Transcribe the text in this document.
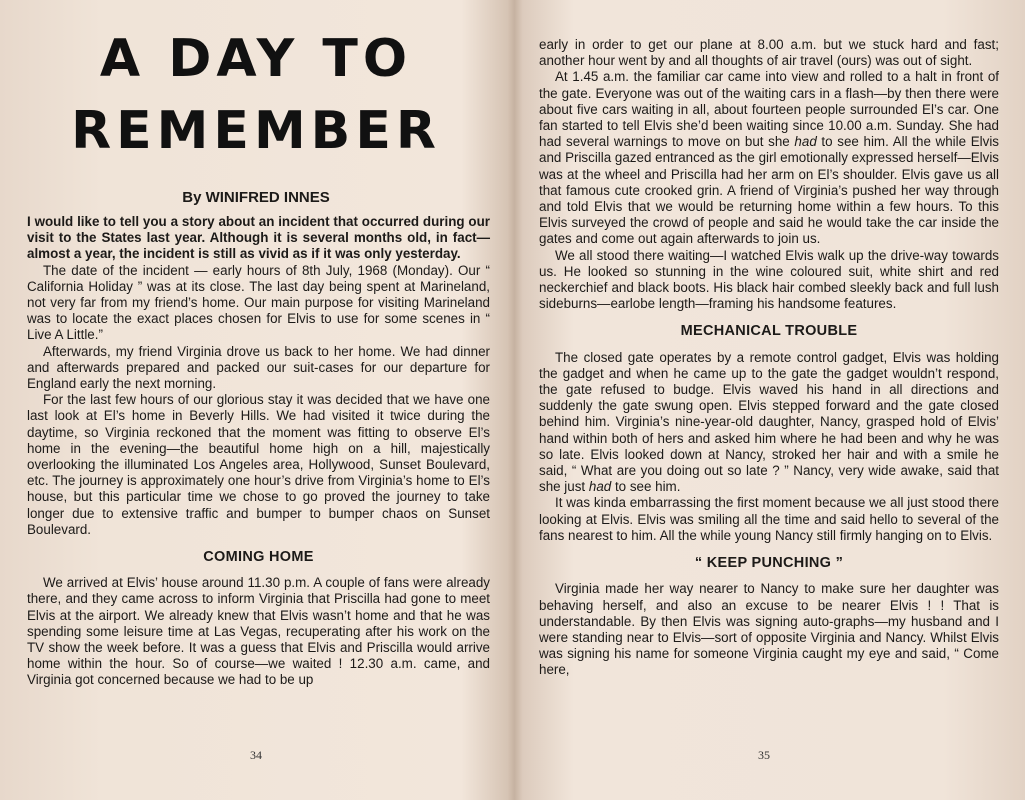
A DAY TO
REMEMBER

By WINIFRED INNES

I would like to tell you a story about an incident that occurred during our visit to the States last year. Although it is several months old, in fact—almost a year, the incident is still as vivid as if it was only yesterday.

The date of the incident — early hours of 8th July, 1968 (Monday). Our “ California Holiday ” was at its close. The last day being spent at Marineland, not very far from my friend’s home. Our main purpose for visiting Marineland was to locate the exact places chosen for Elvis to use for some scenes in “ Live A Little.”

Afterwards, my friend Virginia drove us back to her home. We had dinner and afterwards prepared and packed our suit-cases for our departure for England early the next morning.

For the last few hours of our glorious stay it was decided that we have one last look at El’s home in Beverly Hills. We had visited it twice during the daytime, so Virginia reckoned that the moment was fitting to observe El’s home in the evening—the beautiful home high on a hill, majestically overlooking the illuminated Los Angeles area, Hollywood, Sunset Boulevard, etc. The journey is approximately one hour’s drive from Virginia’s home to El’s house, but this particular time we chose to go proved the journey to take longer due to extensive traffic and bumper to bumper chaos on Sunset Boulevard.

COMING HOME

We arrived at Elvis’ house around 11.30 p.m. A couple of fans were already there, and they came across to inform Virginia that Priscilla had gone to meet Elvis at the airport. We already knew that Elvis wasn’t home and that he was spending some leisure time at Las Vegas, recuperating after his work on the TV show the week before. It was a guess that Elvis and Priscilla would arrive home within the hour. So of course—we waited ! 12.30 a.m. came, and Virginia got concerned because we had to be up

34

early in order to get our plane at 8.00 a.m. but we stuck hard and fast; another hour went by and all thoughts of air travel (ours) was out of sight.

At 1.45 a.m. the familiar car came into view and rolled to a halt in front of the gate. Everyone was out of the waiting cars in a flash—by then there were about five cars waiting in all, about fourteen people surrounded El’s car. One fan started to tell Elvis she’d been waiting since 10.00 a.m. Sunday. She had had several warnings to move on but she had to see him. All the while Elvis and Priscilla gazed entranced as the girl emotionally expressed herself—Elvis was at the wheel and Priscilla had her arm on El’s shoulder. Elvis gave us all that famous cute crooked grin. A friend of Virginia’s pushed her way through and told Elvis that we would be returning home within a few hours. To this Elvis surveyed the crowd of people and said he would take the car inside the gates and come out again afterwards to join us.

We all stood there waiting—I watched Elvis walk up the drive-way towards us. He looked so stunning in the wine coloured suit, white shirt and red neckerchief and black boots. His black hair combed sleekly back and full lush sideburns—earlobe length—framing his handsome features.

MECHANICAL TROUBLE

The closed gate operates by a remote control gadget, Elvis was holding the gadget and when he came up to the gate the gadget wouldn’t respond, the gate refused to budge. Elvis waved his hand in all directions and suddenly the gate swung open. Elvis stepped forward and the gate closed behind him. Virginia’s nine-year-old daughter, Nancy, grasped hold of Elvis’ hand within both of hers and asked him where he had been and why he was so late. Elvis looked down at Nancy, stroked her hair and with a smile he said, “ What are you doing out so late ? ” Nancy, very wide awake, said that she just had to see him.

It was kinda embarrassing the first moment because we all just stood there looking at Elvis. Elvis was smiling all the time and said hello to several of the fans nearest to him. All the while young Nancy still firmly hanging on to Elvis.

“ KEEP PUNCHING ”

Virginia made her way nearer to Nancy to make sure her daughter was behaving herself, and also an excuse to be nearer Elvis ! ! That is understandable. By then Elvis was signing auto-graphs—my husband and I were standing near to Elvis—sort of opposite Virginia and Nancy. Whilst Elvis was signing his name for someone Virginia caught my eye and said, “ Come here,

35
